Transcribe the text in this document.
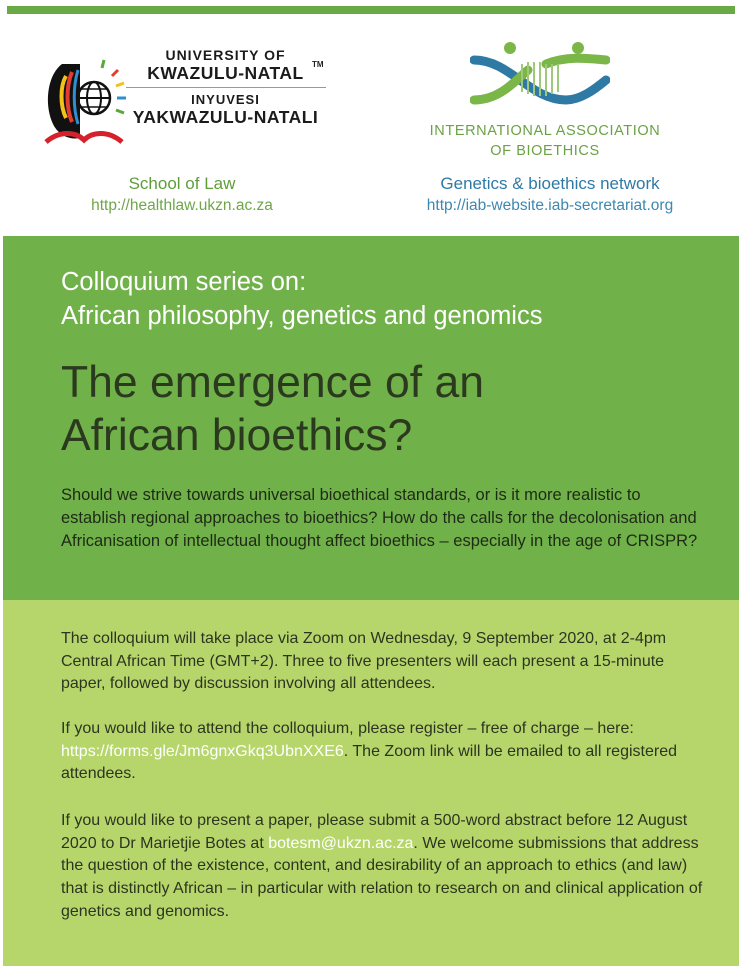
UNIVERSITY OF
KWAZULU-NATAL
INYUVESI
YAKWAZULU-NATALI
TM
INTERNATIONAL ASSOCIATION
OF BIOETHICS
School of Law
http://healthlaw.ukzn.ac.za
Genetics & bioethics network
http://iab-website.iab-secretariat.org
Colloquium series on:
African philosophy, genetics and genomics
The emergence of an
African bioethics?

Should we strive towards universal bioethical standards, or is it more realistic to establish regional approaches to bioethics? How do the calls for the decolonisation and Africanisation of intellectual thought affect bioethics – especially in the age of CRISPR?

The colloquium will take place via Zoom on Wednesday, 9 September 2020, at 2-4pm Central African Time (GMT+2). Three to five presenters will each present a 15-minute paper, followed by discussion involving all attendees.

If you would like to attend the colloquium, please register – free of charge – here: https://forms.gle/Jm6gnxGkq3UbnXXE6. The Zoom link will be emailed to all registered attendees.

If you would like to present a paper, please submit a 500-word abstract before 12 August 2020 to Dr Marietjie Botes at botesm@ukzn.ac.za. We welcome submissions that address the question of the existence, content, and desirability of an approach to ethics (and law) that is distinctly African – in particular with relation to research on and clinical application of genetics and genomics.
